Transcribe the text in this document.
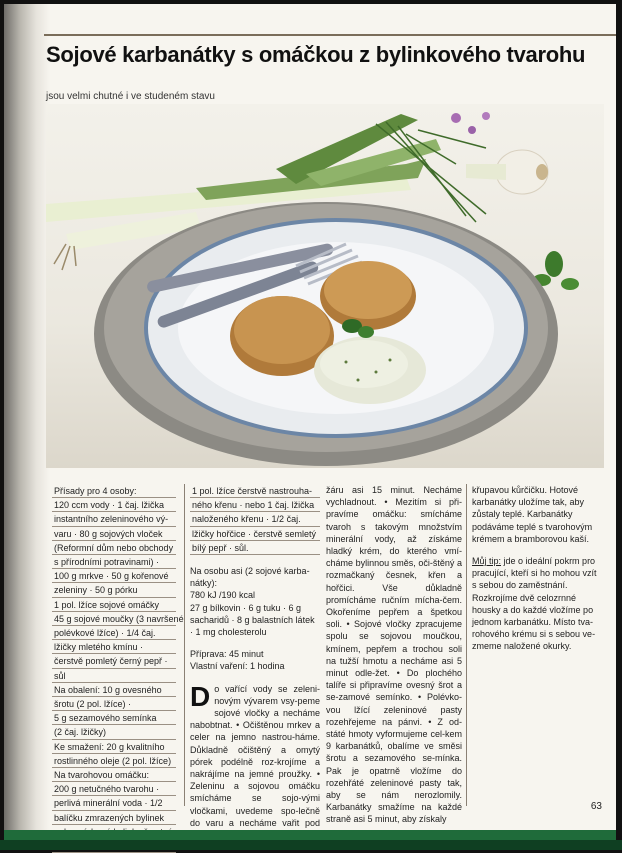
Sojové karbanátky s omáčkou z bylinkového tvarohu
jsou velmi chutné i ve studeném stavu
Přísady pro 4 osoby:
120 ccm vody · 1 čaj. lžička
instantního zeleninového vý-
varu · 80 g sojových vloček
(Reformní dům nebo obchody
s přírodními potravinami) ·
100 g mrkve · 50 g kořenové
zeleniny · 50 g pórku
1 pol. lžíce sojové omáčky
45 g sojové moučky (3 navršené
polévkové lžíce) · 1/4 čaj.
lžičky mletého kmínu ·
čerstvě pomletý černý pepř ·
sůl
Na obalení: 10 g ovesného
šrotu (2 pol. lžíce) ·
5 g sezamového semínka
(2 čaj. lžičky)
Ke smažení: 20 g kvalitního
rostlinného oleje (2 pol. lžíce)
Na tvarohovou omáčku:
200 g netučného tvarohu ·
perlivá minerální voda · 1/2
balíčku zmrazených bylinek
1 pol. lžíce čerstvě nastrouha-
ného křenu · nebo 1 čaj. lžička
naloženého křenu · 1/2 čaj.
lžičky hořčice · čerstvě semletý
bílý pepř · sůl.
Na osobu asi (2 sojové karba-nátky):
780 kJ /190 kcal
27 g bílkovin · 6 g tuku · 6 g sacharidů · 8 g balastních látek · 1 mg cholesterolu
Příprava: 45 minut
Vlastní vaření: 1 hodina
Do vařící vody se zeleni-novým vývarem vsy-peme sojové vločky a necháme nabobtnat. • Očištěnou mrkev a celer na jemno nastrou-háme. Důkladně očištěný a omytý pórek podélně roz-krojíme a nakrájíme na jemné proužky. • Zeleninu a sojovou omáčku smícháme se sojo-vými vločkami, uvedeme spo-lečně do varu a necháme vařit pod
žáru asi 15 minut. Necháme vychladnout. • Mezitím si při-pravíme omáčku: smícháme tvaroh s takovým množstvím minerální vody, až získáme hladký krém, do kterého vmí-cháme bylinnou směs, oči-štěný a rozmačkaný česnek, křen a hořčici. Vše důkladně promícháme ručním mícha-čem. Okořeníme pepřem a špetkou soli. • Sojové vločky zpracujeme spolu se sojovou moučkou, kmínem, pepřem a trochou soli na tužší hmotu a necháme asi 5 minut odle-žet. • Do plochého talíře si připravíme ovesný šrot a se-zamové semínko. • Polévko-vou lžící zeleninové pasty rozehřejeme na pánvi. • Z od-státé hmoty vyformujeme cel-kem 9 karbanátků, obalíme ve směsi šrotu a sezamového se-mínka. Pak je opatrně vložíme do rozehřáté zeleninové pasty tak, aby se nám nerozlomily. Karbanátky smažíme na každé straně asi 5 minut, aby získaly
křupavou kůrčičku. Hotové karbanátky uložíme tak, aby zůstaly teplé. Karbanátky podáváme teplé s tvarohovým krémem a bramborovou kaší.
Můj tip: jde o ideální pokrm pro pracující, kteří si ho mohou vzít s sebou do zaměstnání. Rozkrojíme dvě celozrnné housky a do každé vložíme po jednom karbanátku. Místo tva-rohového krému si s sebou ve-zmeme naložené okurky.
63
